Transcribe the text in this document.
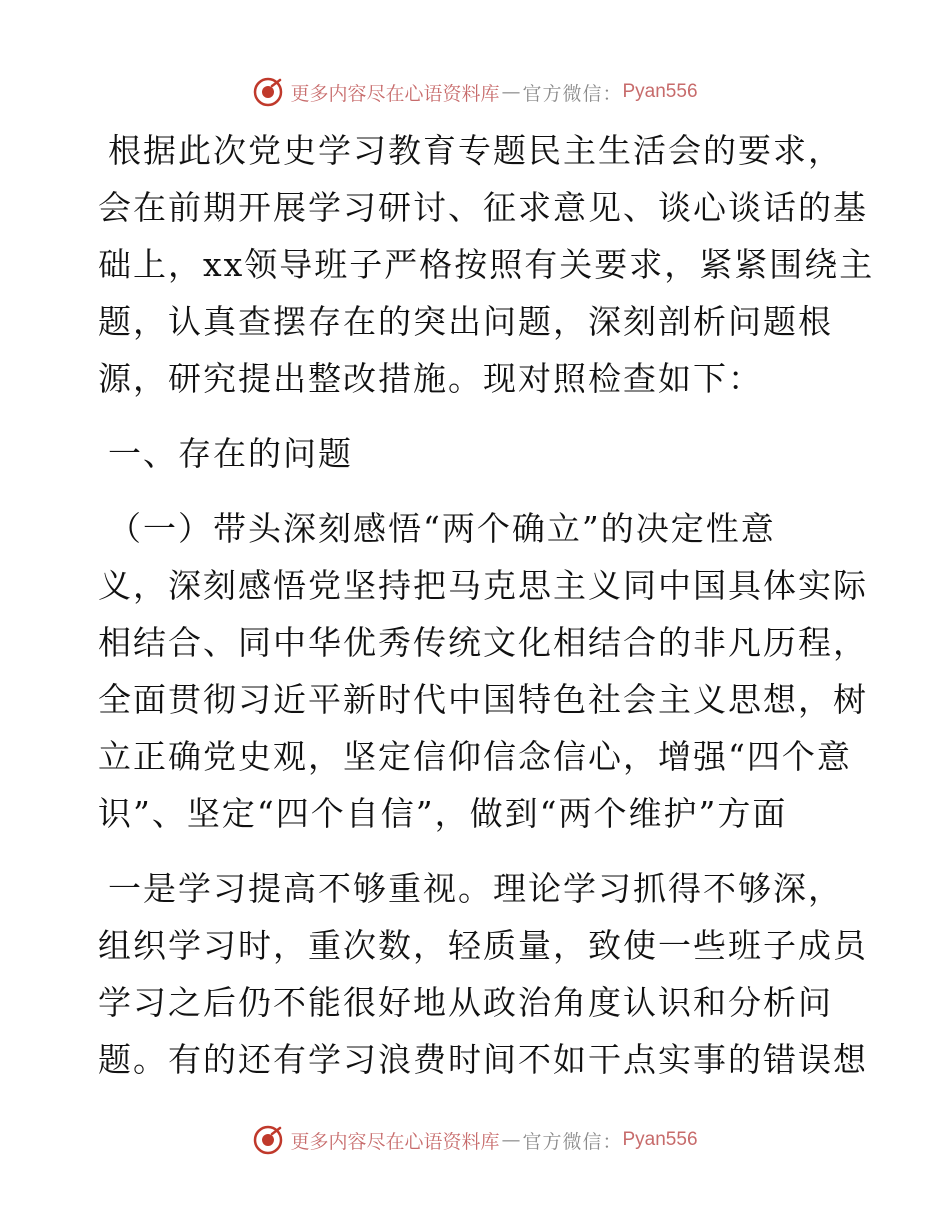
更多内容尽在心语资料库 — 官方微信： Pyan556
根据此次党史学习教育专题民主生活会的要求，
会在前期开展学习研讨、征求意见、谈心谈话的基
础上，xx领导班子严格按照有关要求，紧紧围绕主
题，认真查摆存在的突出问题，深刻剖析问题根
源，研究提出整改措施。现对照检查如下：
一、存在的问题
（一）带头深刻感悟“两个确立”的决定性意
义，深刻感悟党坚持把马克思主义同中国具体实际
相结合、同中华优秀传统文化相结合的非凡历程，
全面贯彻习近平新时代中国特色社会主义思想，树
立正确党史观，坚定信仰信念信心，增强“四个意
识”、坚定“四个自信”，做到“两个维护”方面
一是学习提高不够重视。理论学习抓得不够深，
组织学习时，重次数，轻质量，致使一些班子成员
学习之后仍不能很好地从政治角度认识和分析问
题。有的还有学习浪费时间不如干点实事的错误想
更多内容尽在心语资料库 — 官方微信： Pyan556
